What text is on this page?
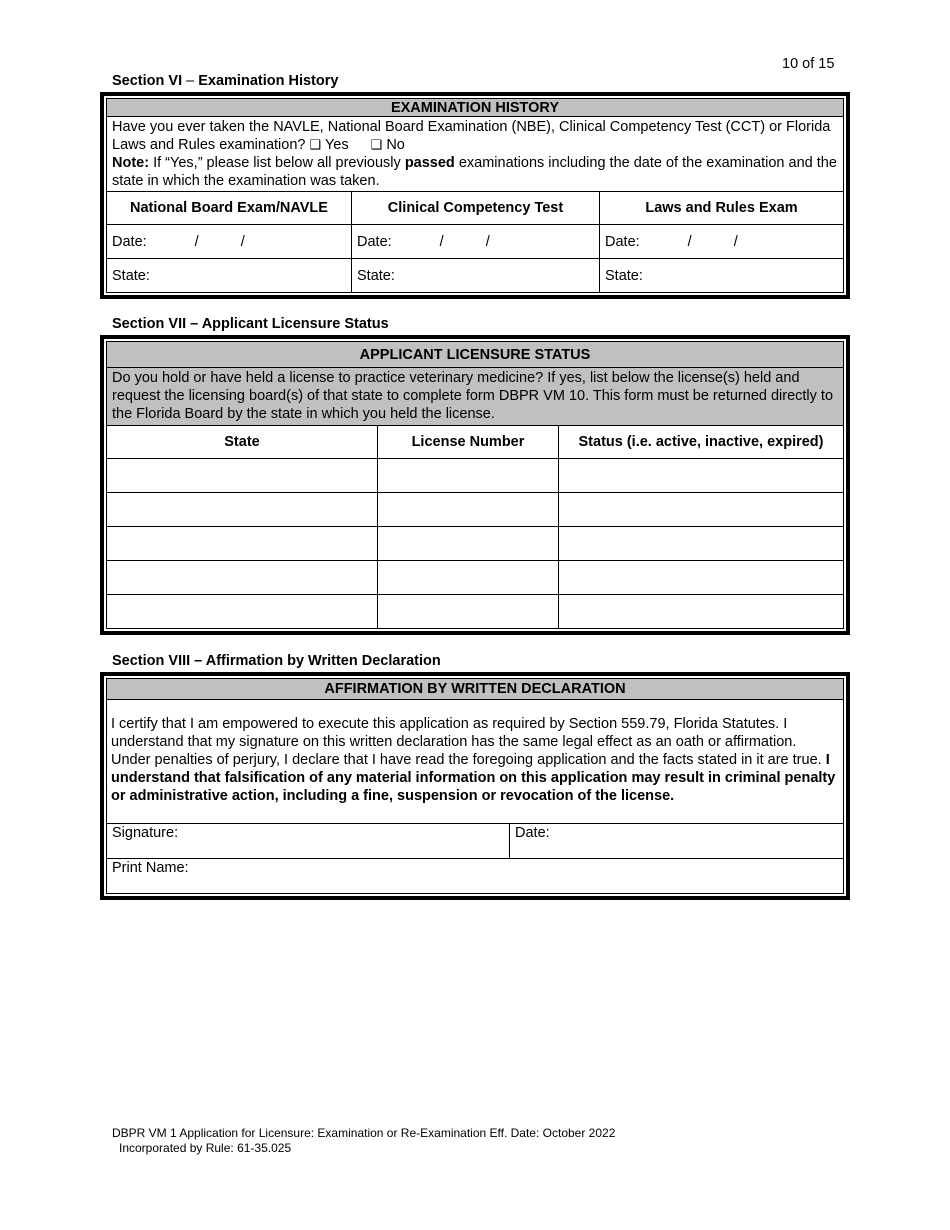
10 of 15
Section VI – Examination History
EXAMINATION HISTORY		
Have you ever taken the NAVLE, National Board Examination (NBE), Clinical Competency Test (CCT) or Florida Laws and Rules examination? ❑ Yes ❑ No
Note: If “Yes,” please list below all previously passed examinations including the date of the examination and the state in which the examination was taken.		
National Board Exam/NAVLE	Clinical Competency Test	Laws and Rules Exam
Date: / /	Date: / /	Date: / /
State:	State:	State:
Section VII – Applicant Licensure Status
APPLICANT LICENSURE STATUS		
Do you hold or have held a license to practice veterinary medicine? If yes, list below the license(s) held and request the licensing board(s) of that state to complete form DBPR VM 10. This form must be returned directly to the Florida Board by the state in which you held the license.		
State	License Number	Status (i.e. active, inactive, expired)

Section VIII – Affirmation by Written Declaration
AFFIRMATION BY WRITTEN DECLARATION
I certify that I am empowered to execute this application as required by Section 559.79, Florida Statutes. I understand that my signature on this written declaration has the same legal effect as an oath or affirmation. Under penalties of perjury, I declare that I have read the foregoing application and the facts stated in it are true. I understand that falsification of any material information on this application may result in criminal penalty or administrative action, including a fine, suspension or revocation of the license.
Signature:	Date:
Print Name:
DBPR VM 1 Application for Licensure: Examination or Re-Examination Eff. Date: October 2022
Incorporated by Rule: 61-35.025
